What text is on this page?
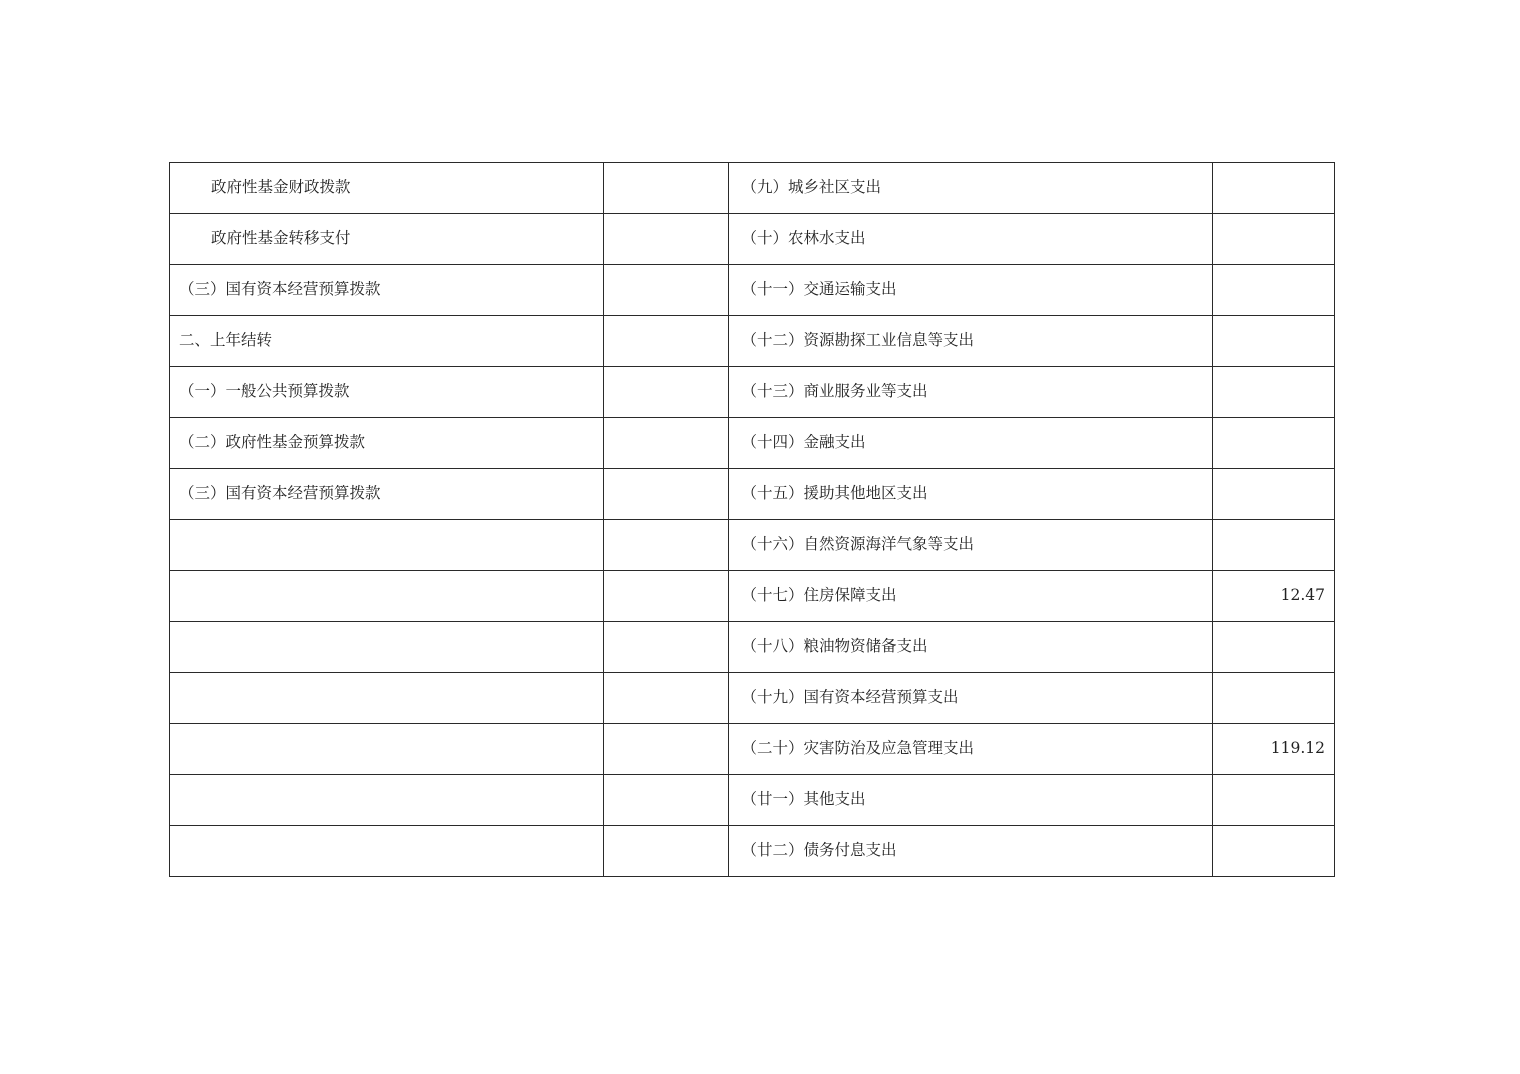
政府性基金财政拨款		（九）城乡社区支出	
政府性基金转移支付		（十）农林水支出	
（三）国有资本经营预算拨款		（十一）交通运输支出	
二、上年结转		（十二）资源勘探工业信息等支出	
（一）一般公共预算拨款		（十三）商业服务业等支出	
（二）政府性基金预算拨款		（十四）金融支出	
（三）国有资本经营预算拨款		（十五）援助其他地区支出	
		（十六）自然资源海洋气象等支出	
		（十七）住房保障支出	12.47
		（十八）粮油物资储备支出	
		（十九）国有资本经营预算支出	
		（二十）灾害防治及应急管理支出	119.12
		（廿一）其他支出	
		（廿二）债务付息支出	
